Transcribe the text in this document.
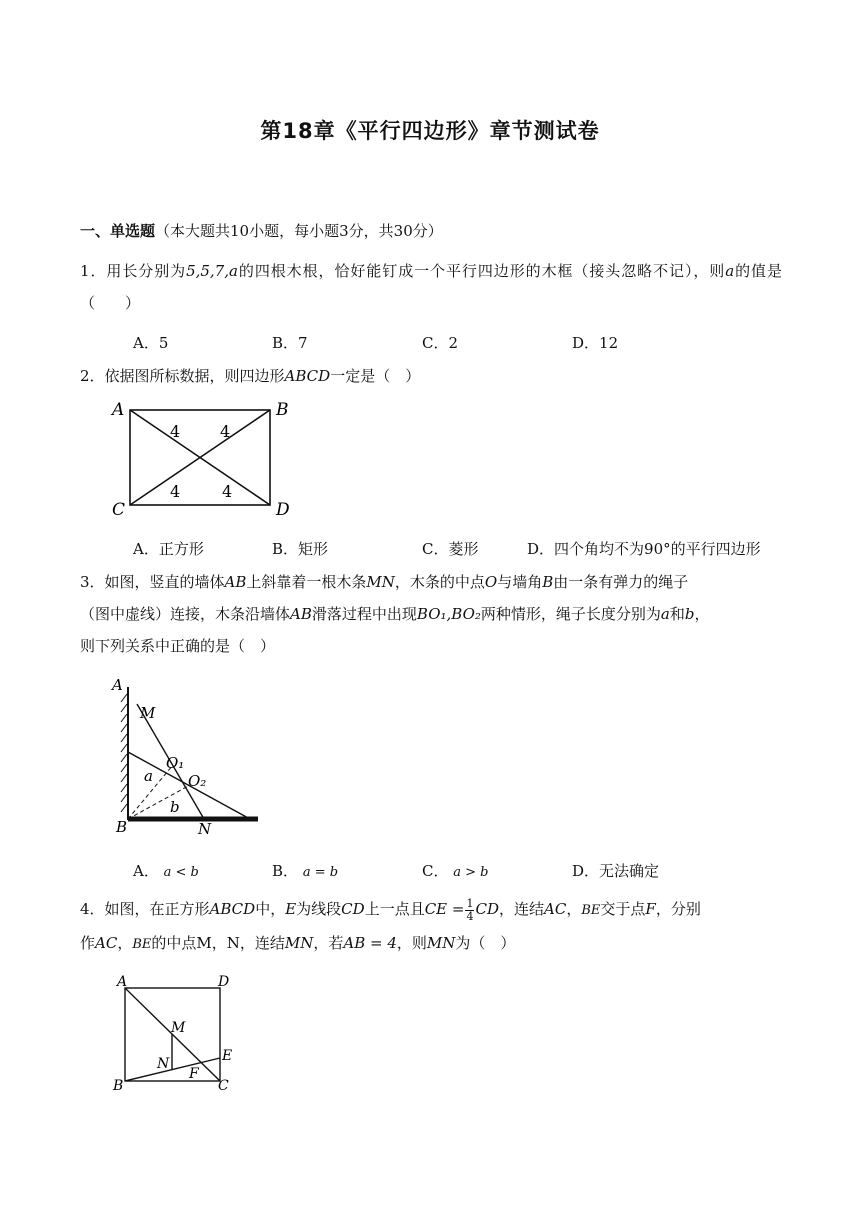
第18章《平行四边形》章节测试卷
一、单选题（本大题共10小题，每小题3分，共30分）
1．用长分别为5,5,7,a的四根木根，恰好能钉成一个平行四边形的木框（接头忽略不记），则a的值是（　　）
A．5	B．7	C．2	D．12
2．依据图所标数据，则四边形ABCD一定是（　）
A	B
C	D
4 4
4	4
A．正方形	B．矩形	C．菱形	D．四个角均不为90°的平行四边形
3．如图，竖直的墙体AB上斜靠着一根木条MN，木条的中点O与墙角B由一条有弹力的绳子
（图中虚线）连接，木条沿墙体AB滑落过程中出现BO₁,BO₂两种情形，绳子长度分别为a和b，
则下列关系中正确的是（　）
A
M
O₁
O₂
a
b
B	N
A． a < b	B． a = b	C． a > b	D．无法确定
4．如图，在正方形ABCD中，E为线段CD上一点且CE = $\frac{1}{4}$ CD，连结AC，BE交于点F，分别
作AC，BE的中点M，N，连结MN，若AB = 4，则MN为（　）
A	D
M
N	E
F
B	C
